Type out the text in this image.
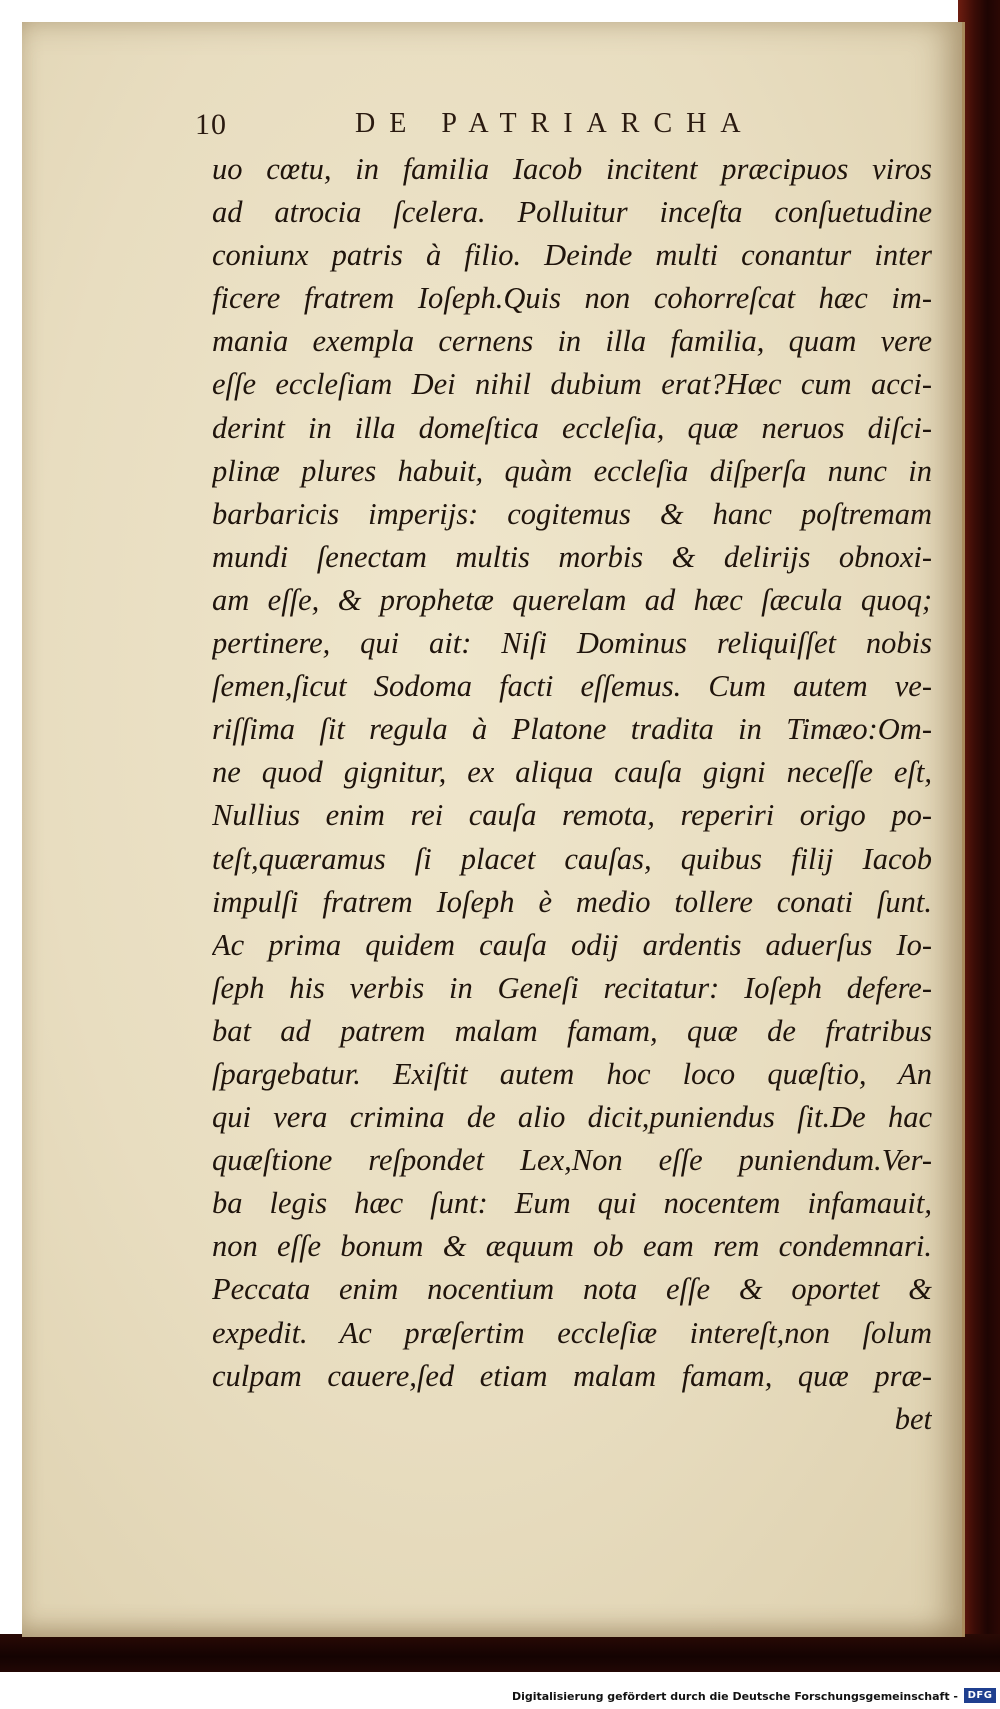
10	DE PATRIARCHA
uo cœtu, in familia Iacob incitent præcipuos viros
ad atrocia ſcelera. Polluitur inceſta conſuetudine
coniunx patris à filio. Deinde multi conantur inter
ficere fratrem Ioſeph.Quis non cohorreſcat hæc im-
mania exempla cernens in illa familia, quam vere
eſſe eccleſiam Dei nihil dubium erat?Hæc cum acci-
derint in illa domeſtica eccleſia, quæ neruos diſci-
plinæ plures habuit, quàm eccleſia diſperſa nunc in
barbaricis imperijs: cogitemus & hanc poſtremam
mundi ſenectam multis morbis & delirijs obnoxi-
am eſſe, & prophetæ querelam ad hæc ſæcula quoq;
pertinere, qui ait: Niſi Dominus reliquiſſet nobis
ſemen,ſicut Sodoma facti eſſemus. Cum autem ve-
riſſima ſit regula à Platone tradita in Timæo:Om-
ne quod gignitur, ex aliqua cauſa gigni neceſſe eſt,
Nullius enim rei cauſa remota, reperiri origo po-
teſt,quæramus ſi placet cauſas, quibus filij Iacob
impulſi fratrem Ioſeph è medio tollere conati ſunt.
Ac prima quidem cauſa odij ardentis aduerſus Io-
ſeph his verbis in Geneſi recitatur: Ioſeph defere-
bat ad patrem malam famam, quæ de fratribus
ſpargebatur. Exiſtit autem hoc loco quæſtio, An
qui vera crimina de alio dicit,puniendus ſit.De hac
quæſtione reſpondet Lex,Non eſſe puniendum.Ver-
ba legis hæc ſunt: Eum qui nocentem infamauit,
non eſſe bonum & æquum ob eam rem condemnari.
Peccata enim nocentium nota eſſe & oportet &
expedit. Ac præſertim eccleſiæ intereſt,non ſolum
culpam cauere,ſed etiam malam famam, quæ præ-
bet
Digitalisierung gefördert durch die Deutsche Forschungsgemeinschaft - DFG
